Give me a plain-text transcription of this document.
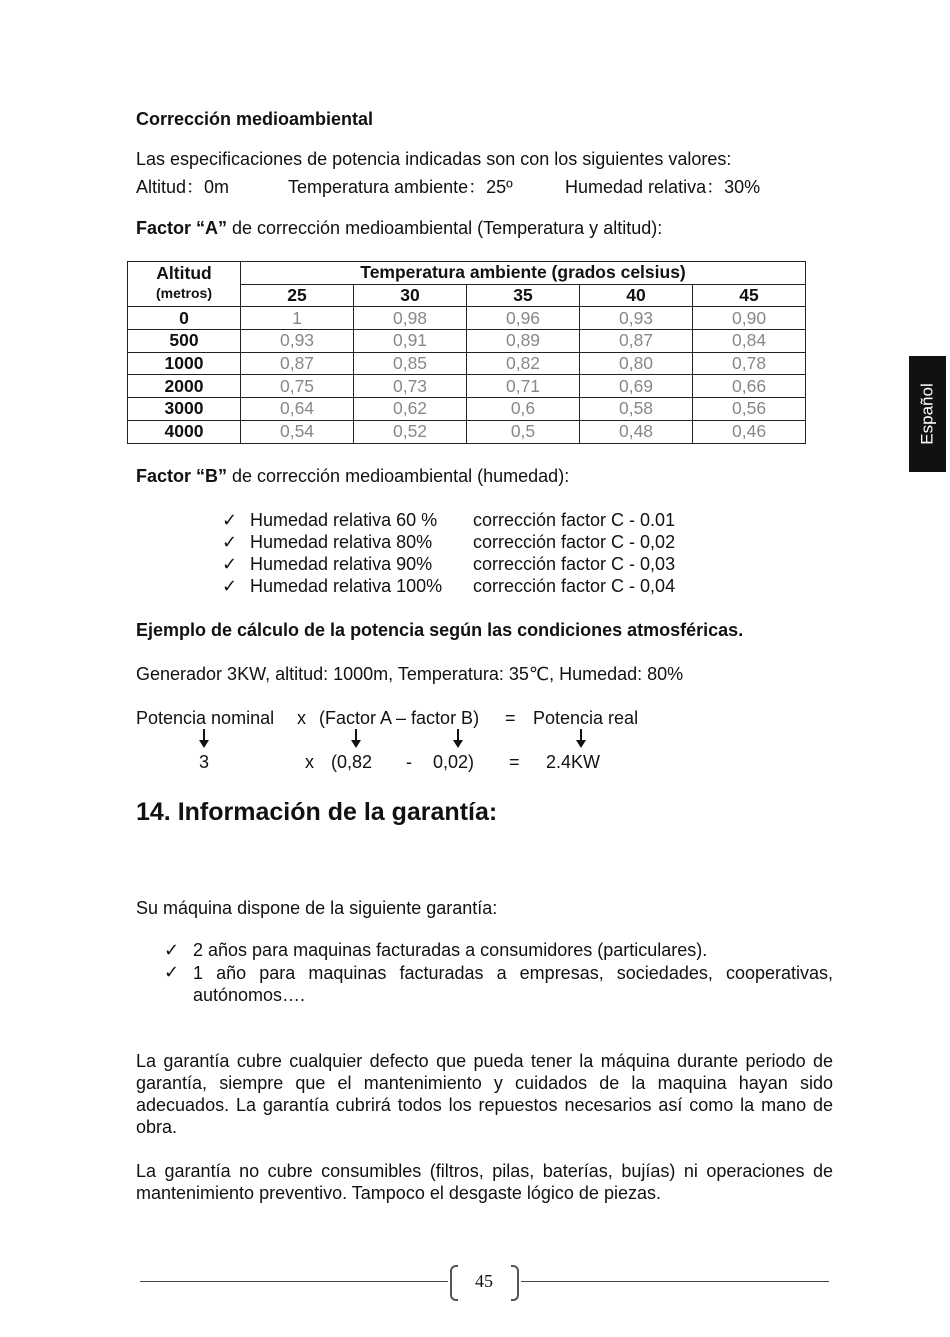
Español
Corrección medioambiental
Las especificaciones de potencia indicadas son con los siguientes valores:
Altitud：0m	Temperatura ambiente：25º	Humedad relativa：30%
Factor “A” de corrección medioambiental (Temperatura y altitud):
Altitud
(metros)	Temperatura ambiente (grados celsius)				
	25	30	35	40	45
0	1	0,98	0,96	0,93	0,90
500	0,93	0,91	0,89	0,87	0,84
1000	0,87	0,85	0,82	0,80	0,78
2000	0,75	0,73	0,71	0,69	0,66
3000	0,64	0,62	0,6	0,58	0,56
4000	0,54	0,52	0,5	0,48	0,46
Factor “B” de corrección medioambiental (humedad):
✓ Humedad relativa 60 % corrección factor C - 0.01
✓ Humedad relativa 80% corrección factor C - 0,02
✓ Humedad relativa 90% corrección factor C - 0,03
✓ Humedad relativa 100% corrección factor C - 0,04
Ejemplo de cálculo de la potencia según las condiciones atmosféricas.
Generador 3KW, altitud: 1000m, Temperatura: 35℃, Humedad: 80%
Potencia nominal x (Factor A – factor B) = Potencia real
3	x (0,82 - 0,02) = 2.4KW
14. Información de la garantía:
Su máquina dispone de la siguiente garantía:
✓ 2 años para maquinas facturadas a consumidores (particulares).
✓ 1 año para maquinas facturadas a empresas, sociedades, cooperativas, autónomos….
La garantía cubre cualquier defecto que pueda tener la máquina durante periodo de garantía, siempre que el mantenimiento y cuidados de la maquina hayan sido adecuados. La garantía cubrirá todos los repuestos necesarios así como la mano de obra.
La garantía no cubre consumibles (filtros, pilas, baterías, bujías) ni operaciones de mantenimiento preventivo. Tampoco el desgaste lógico de piezas.
45
